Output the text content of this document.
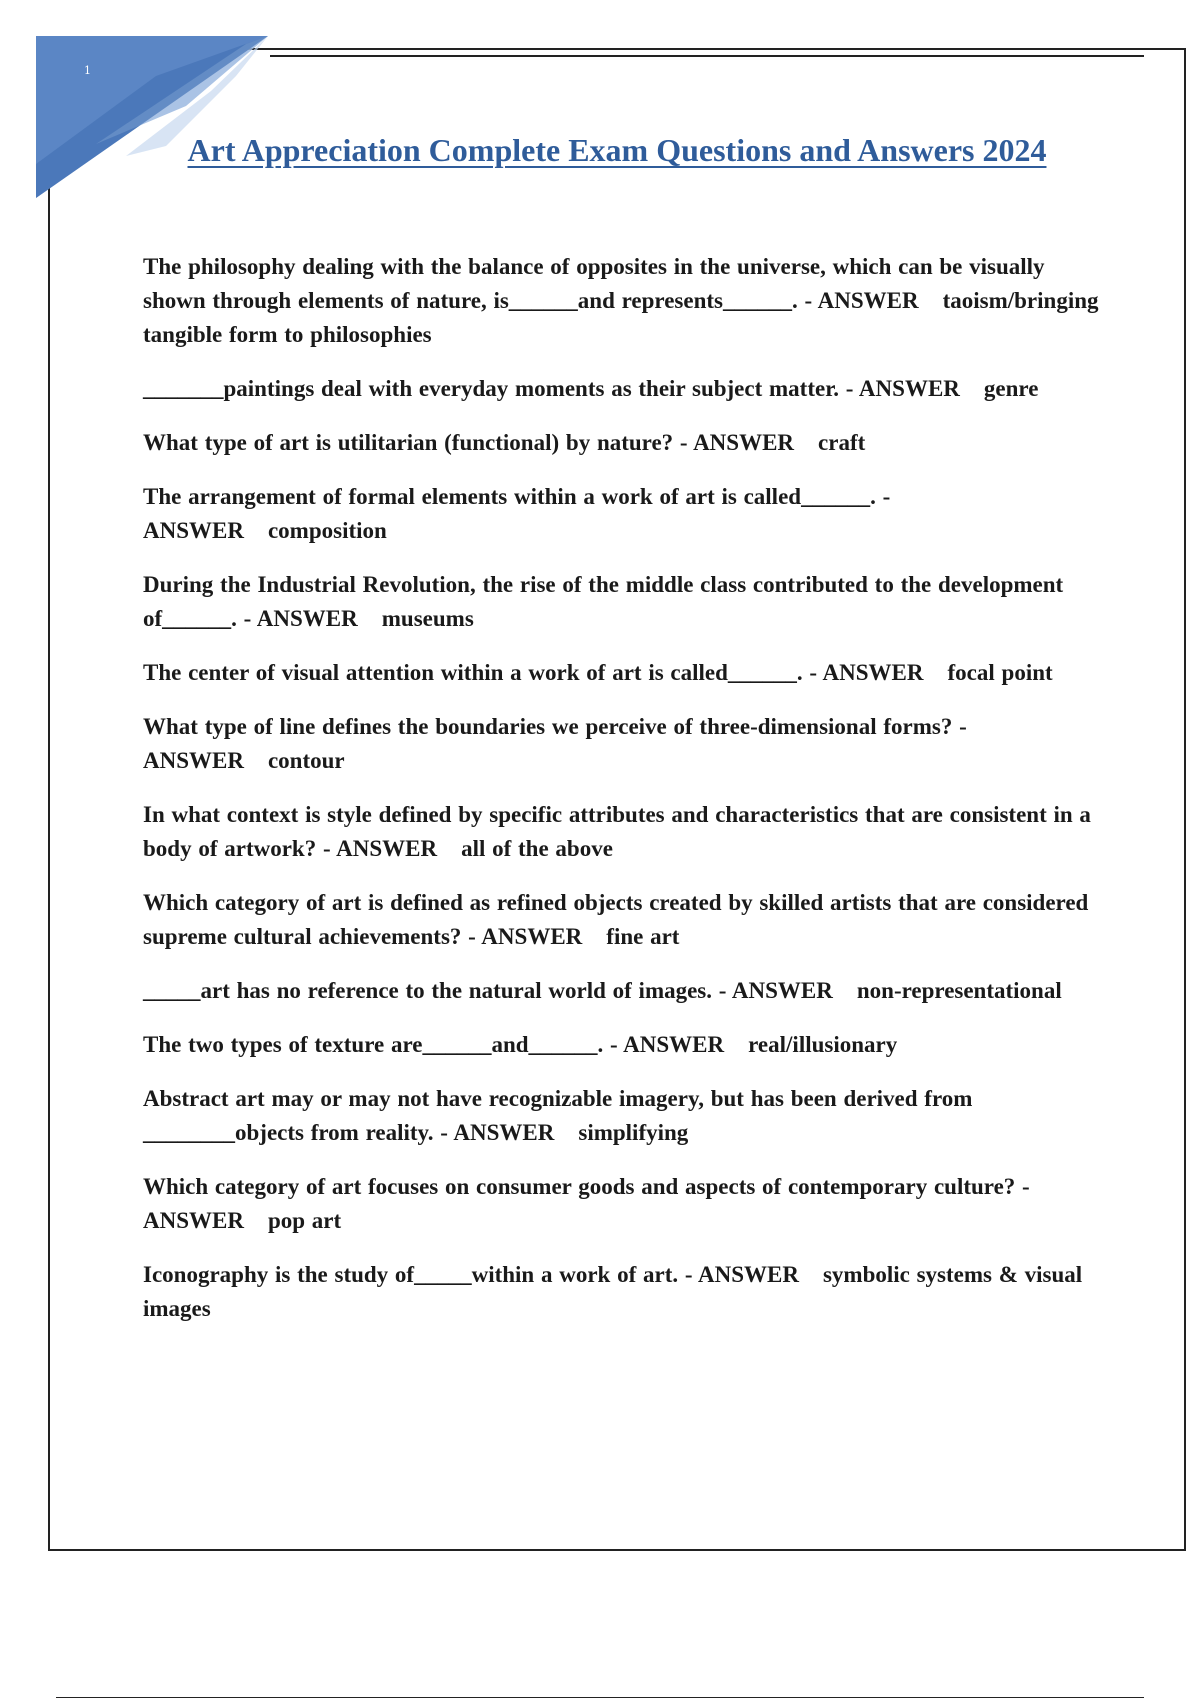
1
Art Appreciation Complete Exam Questions and Answers 2024
The philosophy dealing with the balance of opposites in the universe, which can be visually shown through elements of nature, is______and represents______. - ANSWER taoism/bringing tangible form to philosophies
_______paintings deal with everyday moments as their subject matter. - ANSWER genre
What type of art is utilitarian (functional) by nature? - ANSWER craft
The arrangement of formal elements within a work of art is called______. - ANSWER composition
During the Industrial Revolution, the rise of the middle class contributed to the development of______. - ANSWER museums
The center of visual attention within a work of art is called______. - ANSWER focal point
What type of line defines the boundaries we perceive of three-dimensional forms? - ANSWER contour
In what context is style defined by specific attributes and characteristics that are consistent in a body of artwork? - ANSWER all of the above
Which category of art is defined as refined objects created by skilled artists that are considered supreme cultural achievements? - ANSWER fine art
_____art has no reference to the natural world of images. - ANSWER non-representational
The two types of texture are______and______. - ANSWER real/illusionary
Abstract art may or may not have recognizable imagery, but has been derived from ________objects from reality. - ANSWER simplifying
Which category of art focuses on consumer goods and aspects of contemporary culture? - ANSWER pop art
Iconography is the study of_____within a work of art. - ANSWER symbolic systems & visual images
